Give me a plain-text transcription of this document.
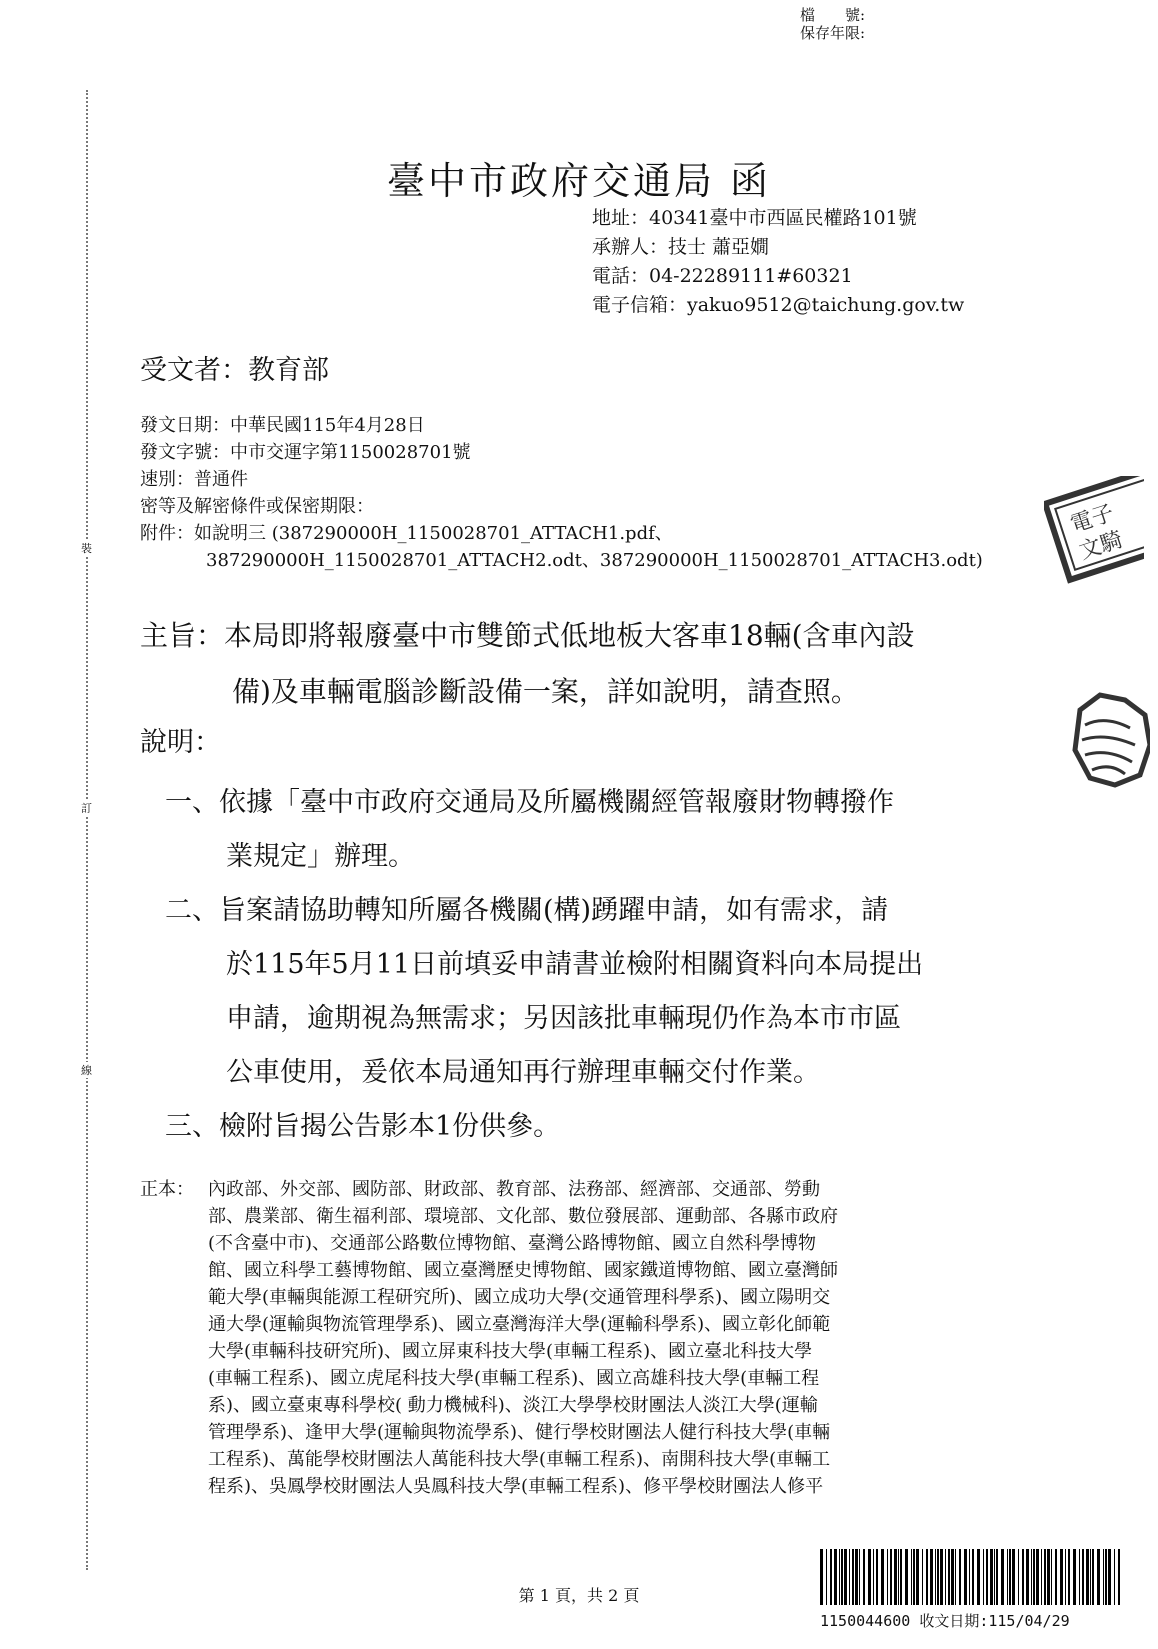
裝
訂
線
檔　　號:
保存年限:
臺中市政府交通局 函
地址：40341臺中市西區民權路101號
承辦人：技士 蕭亞嫺
電話：04-22289111#60321
電子信箱：yakuo9512@taichung.gov.tw
受文者：教育部
發文日期：中華民國115年4月28日
發文字號：中市交運字第1150028701號
速別：普通件
密等及解密條件或保密期限：
附件：如說明三 (387290000H_1150028701_ATTACH1.pdf、
387290000H_1150028701_ATTACH2.odt、387290000H_1150028701_ATTACH3.odt)
主旨：本局即將報廢臺中市雙節式低地板大客車18輛(含車內設
備)及車輛電腦診斷設備一案，詳如說明，請查照。
說明：
一、依據「臺中市政府交通局及所屬機關經管報廢財物轉撥作
業規定」辦理。
二、旨案請協助轉知所屬各機關(構)踴躍申請，如有需求，請
於115年5月11日前填妥申請書並檢附相關資料向本局提出
申請，逾期視為無需求；另因該批車輛現仍作為本市市區
公車使用，爰依本局通知再行辦理車輛交付作業。
三、檢附旨揭公告影本1份供參。
正本： 內政部、外交部、國防部、財政部、教育部、法務部、經濟部、交通部、勞動
部、農業部、衛生福利部、環境部、文化部、數位發展部、運動部、各縣市政府
(不含臺中市)、交通部公路數位博物館、臺灣公路博物館、國立自然科學博物
館、國立科學工藝博物館、國立臺灣歷史博物館、國家鐵道博物館、國立臺灣師
範大學(車輛與能源工程研究所)、國立成功大學(交通管理科學系)、國立陽明交
通大學(運輸與物流管理學系)、國立臺灣海洋大學(運輸科學系)、國立彰化師範
大學(車輛科技研究所)、國立屏東科技大學(車輛工程系)、國立臺北科技大學
(車輛工程系)、國立虎尾科技大學(車輛工程系)、國立高雄科技大學(車輛工程
系)、國立臺東專科學校( 動力機械科)、淡江大學學校財團法人淡江大學(運輸
管理學系)、逢甲大學(運輸與物流學系)、健行學校財團法人健行科技大學(車輛
工程系)、萬能學校財團法人萬能科技大學(車輛工程系)、南開科技大學(車輛工
程系)、吳鳳學校財團法人吳鳳科技大學(車輛工程系)、修平學校財團法人修平
電子
文騎
第 1 頁，共 2 頁
1150044600 收文日期:115/04/29
